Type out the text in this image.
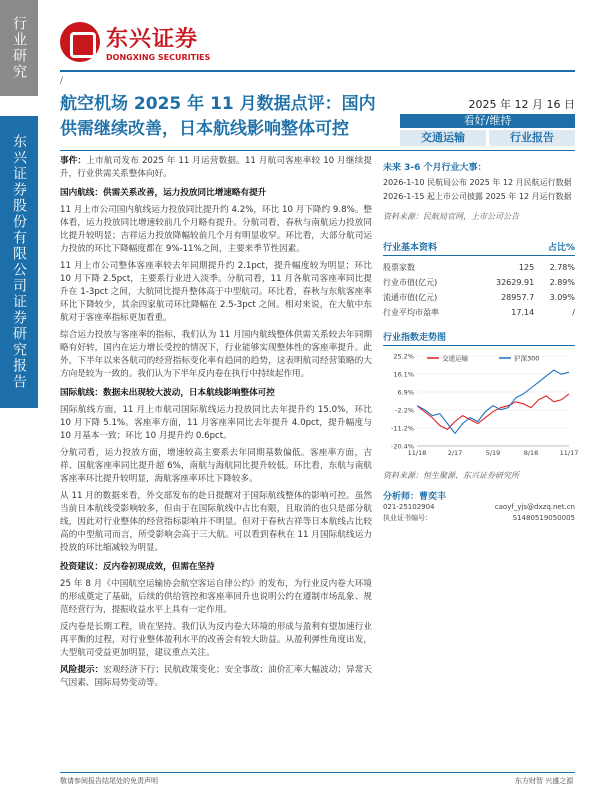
行业研究
东兴证券股份有限公司证券研究报告
东兴证券
DONGXING SECURITIES
/
航空机场 2025 年 11 月数据点评：国内供需继续改善，日本航线影响整体可控
2025 年 12 月 16 日
看好/维持
交通运输	行业报告

事件：上市航司发布 2025 年 11 月运营数据。11 月航司客座率较 10 月继续提升，行业供需关系整体向好。

国内航线：供需关系改善，运力投放同比增速略有提升

11 月上市公司国内航线运力投放同比提升约 4.2%，环比 10 月下降约 9.8%。整体看，运力投放同比增速较前几个月略有提升。分航司看，春秋与南航运力投放同比提升较明显；吉祥运力投放降幅较前几个月有明显收窄。环比看，大部分航司运力投放的环比下降幅度都在 9%-11%之间，主要来季节性因素。

11 月上市公司整体客座率较去年同期提升约 2.1pct，提升幅度较为明显；环比 10 月下降 2.5pct，主要系行业进入淡季。分航司看，11 月各航司客座率同比提升在 1-3pct 之间，大航同比提升整体高于中型航司。环比看，春秋与东航客座率环比下降较少，其余四家航司环比降幅在 2.5-3pct 之间。相对来说，在大航中东航对于客座率指标更加看重。

综合运力投放与客座率的指标，我们认为 11 月国内航线整体供需关系较去年同期略有好转，国内在运力增长受控的情况下，行业能够实现整体性的客座率提升。此外，下半年以来各航司的经营指标变化率有趋同的趋势，这表明航司经营策略的大方向是较为一致的。我们认为下半年反内卷在执行中持续起作用。

国际航线：数据未出现较大波动，日本航线影响整体可控

国际航线方面，11 月上市航司国际航线运力投放同比去年提升约 15.0%，环比 10 月下降 5.1%。客座率方面，11 月客座率同比去年提升 4.0pct，提升幅度与 10 月基本一致；环比 10 月提升约 0.6pct。

分航司看，运力投放方面，增速较高主要系去年同期基数偏低。客座率方面，吉祥、国航客座率同比提升超 6%，南航与海航同比提升较低。环比看，东航与南航客座率环比提升较明显，海航客座率环比下降较多。

从 11 月的数据来看，外交部发布的赴日提醒对于国际航线整体的影响可控。虽然当前日本航线受影响较多，但由于在国际航线中占比有限，且取消的也只是部分航线，因此对行业整体的经营指标影响并不明显。但对于春秋吉祥等日本航线占比较高的中型航司而言，所受影响会高于三大航。可以看到春秋在 11 月国际航线运力投放的环比缩减较为明显。

投资建议：反内卷初现成效，但需在坚持

25 年 8 月《中国航空运输协会航空客运自律公约》的发布，为行业反内卷大环境的形成奠定了基础，后续的供给管控和客座率回升也说明公约在遵制市场乱象、规范经营行为，提振收益水平上具有一定作用。

反内卷是长期工程，贵在坚持。我们认为反内卷大环境的形成与盈利有望加速行业再平衡的过程，对行业整体盈利水平的改善会有较大助益。从盈利弹性角度出发，大型航司受益更加明显，建议重点关注。

风险提示：宏观经济下行；民航政策变化；安全事故；油价汇率大幅波动；异常天气因素、国际局势变动等。

未来 3-6 个月行业大事：
2026-1-10 民航局公布 2025 年 12 月民航运行数据
2026-1-15 起上市公司披露 2025 年 12 月运行数据
资料来源：民航局官网，上市公司公告
行业基本资料	占比%
股票家数	125	2.78%
行业市值(亿元)	32629.91	2.89%
流通市值(亿元)	28957.7	3.09%
行业平均市盈率	17.14	/
行业指数走势图
25.2%
16.1%
6.9%
-2.2%
-11.2%
-20.4%
11/18	2/17	5/19	8/18	11/17
交通运输	沪深300
资料来源：恒生聚源、东兴证券研究所
分析师：曹奕丰
021-25102904	caoyf_yjs@dxzq.net.cn
执业证书编号：	S1480519050005
敬请参阅报告结尾处的免责声明	东方财智 兴盛之源
